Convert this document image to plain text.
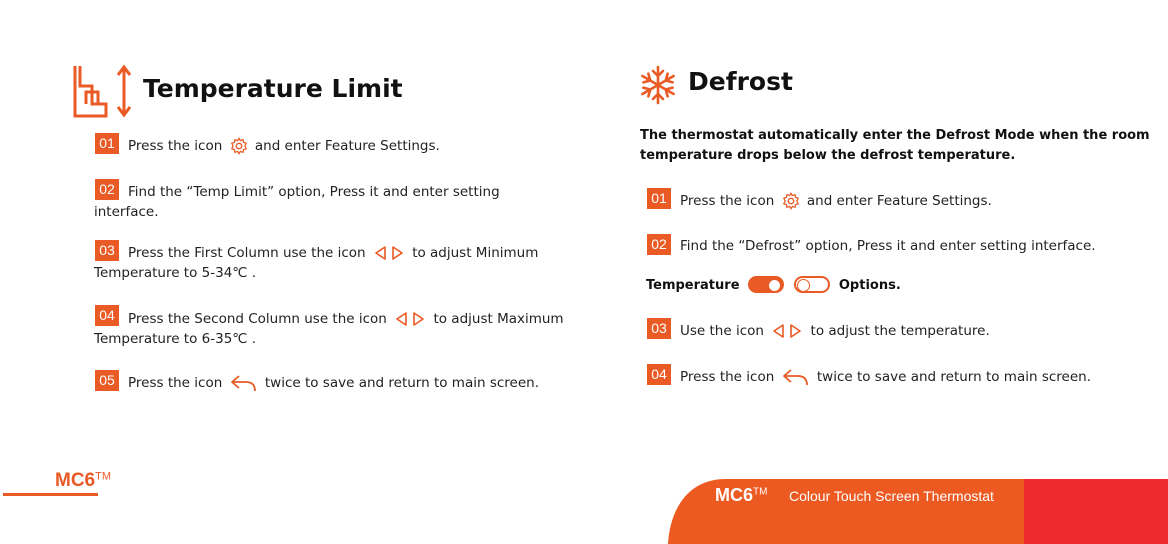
Temperature Limit
01 Press the icon and enter Feature Settings.
02 Find the “Temp Limit” option, Press it and enter setting
interface.
03 Press the First Column use the icon	to adjust Minimum
Temperature to 5-34℃ .
04 Press the Second Column use the icon	to adjust Maximum
Temperature to 6-35℃ .
05 Press the icon	twice to save and return to main screen.
Defrost
The thermostat automatically enter the Defrost Mode when the room
temperature drops below the defrost temperature.
01 Press the icon and enter Feature Settings.
02 Find the “Defrost” option, Press it and enter setting interface.
Temperature
	Options.
03 Use the icon	to adjust the temperature.
04 Press the icon	twice to save and return to main screen.
MC6™
MC6™ Colour Touch Screen Thermostat
